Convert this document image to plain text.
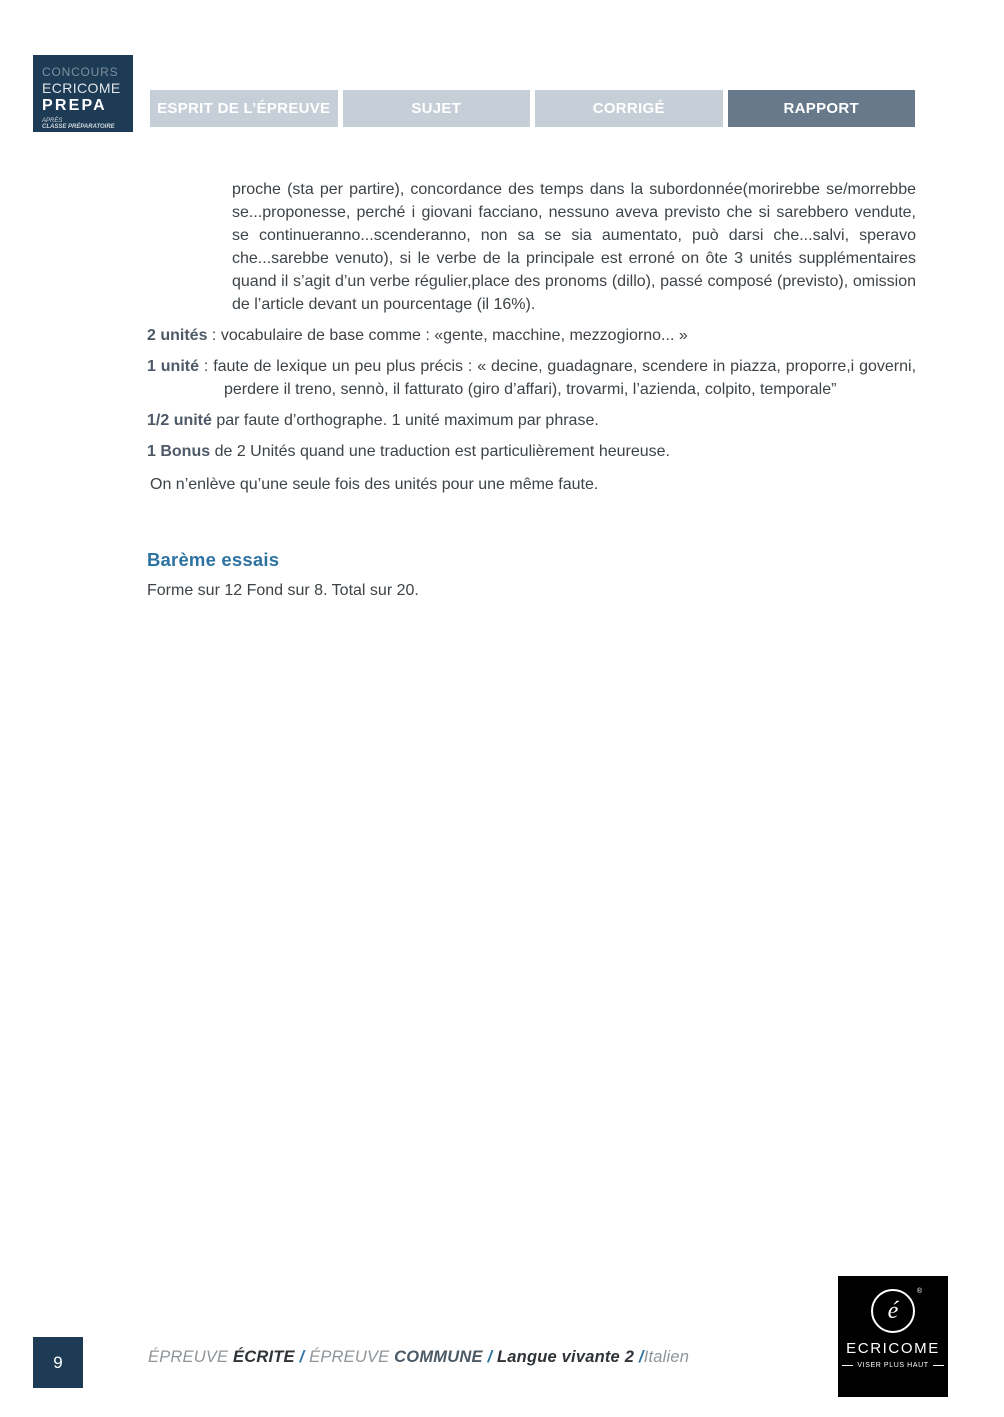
CONCOURS
ECRICOME
PREPA
APRÈS
CLASSE PRÉPARATOIRE
ESPRIT DE L’ÉPREUVE	SUJET	CORRIGÉ	RAPPORT

proche (sta per partire), concordance des temps dans la subordonnée(morirebbe se/morrebbe se...proponesse, perché i giovani facciano, nessuno aveva previsto che si sarebbero vendute, se continueranno...scenderanno, non sa se sia aumentato, può darsi che...salvi, speravo che...sarebbe venuto), si le verbe de la principale est erroné on ôte 3 unités supplémentaires quand il s’agit d’un verbe régulier,place des pronoms (dillo), passé composé (previsto), omission de l’article devant un pourcentage (il 16%).

2 unités : vocabulaire de base comme : «gente, macchine, mezzogiorno... »

1 unité : faute de lexique un peu plus précis : « decine, guadagnare, scendere in piazza, proporre,i governi, perdere il treno, sennò, il fatturato (giro d’affari), trovarmi, l’azienda, colpito, temporale”

1/2 unité par faute d’orthographe. 1 unité maximum par phrase.

1 Bonus de 2 Unités quand une traduction est particulièrement heureuse.

On n’enlève qu’une seule fois des unités pour une même faute.

Barème essais

Forme sur 12 Fond sur 8. Total sur 20.

9	ÉPREUVE ÉCRITE / ÉPREUVE COMMUNE / Langue vivante 2 /Italien
é
®
ECRICOME
VISER PLUS HAUT
